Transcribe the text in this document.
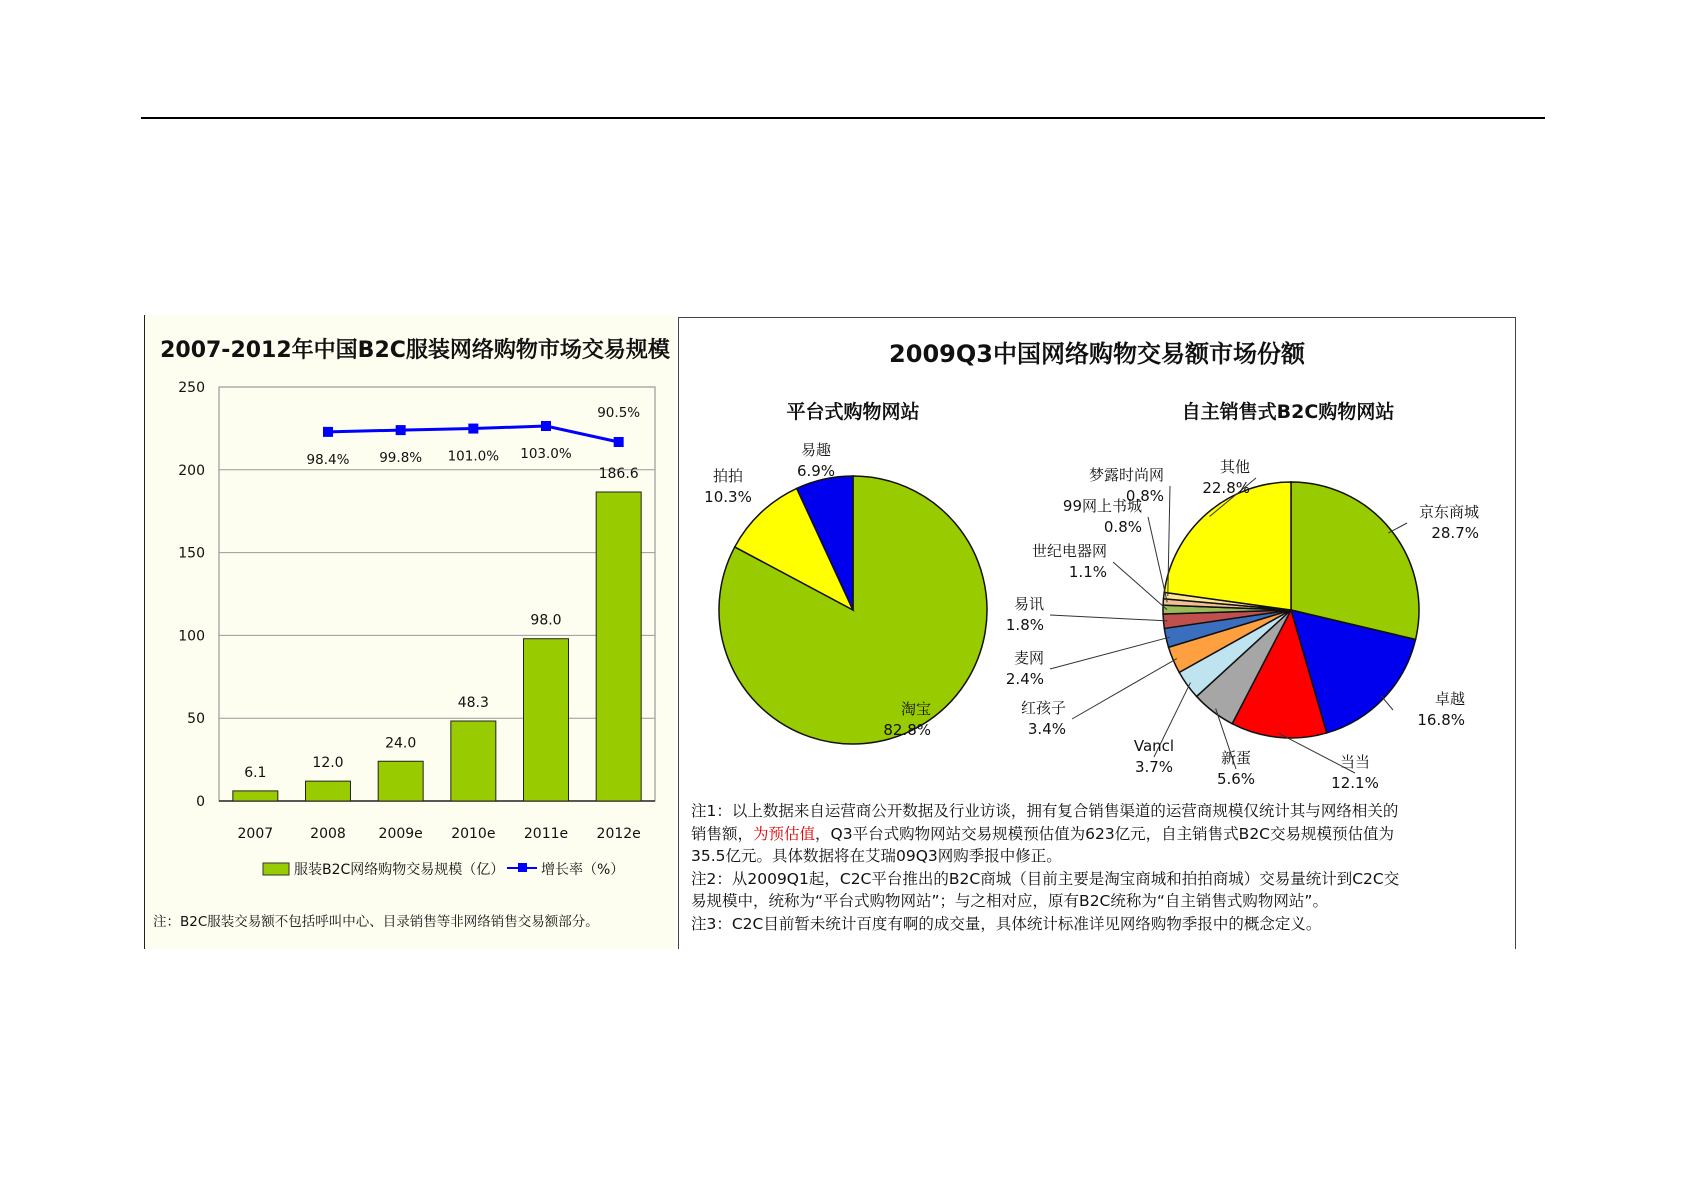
2007-2012年中国B2C服装网络购物市场交易规模
0
50
100
150
200
250
6.1
12.0
24.0
48.3
98.0
186.6
2007	2008 2009e 2010e 2011e 2012e
98.4% 99.8% 101.0% 103.0%
90.5%
服装B2C网络购物交易规模（亿）	增长率（%）
注：B2C服装交易额不包括呼叫中心、目录销售等非网络销售交易额部分。
2009Q3中国网络购物交易额市场份额
平台式购物网站	自主销售式B2C购物网站
淘宝
82.8%
拍拍
10.3%
易趣
6.9%
京东商城
28.7%
卓越
16.8%
当当
12.1%
新蛋
5.6%
Vancl
3.7%
红孩子
3.4%
麦网
2.4%
易讯
1.8%
世纪电器网
1.1%
99网上书城
0.8%
梦露时尚网
0.8%
其他
22.8%

注1：以上数据来自运营商公开数据及行业访谈，拥有复合销售渠道的运营商规模仅统计其与网络相关的

销售额，为预估值，Q3平台式购物网站交易规模预估值为623亿元，自主销售式B2C交易规模预估值为

35.5亿元。具体数据将在艾瑞09Q3网购季报中修正。

注2：从2009Q1起，C2C平台推出的B2C商城（目前主要是淘宝商城和拍拍商城）交易量统计到C2C交

易规模中，统称为“平台式购物网站”；与之相对应，原有B2C统称为“自主销售式购物网站”。

注3：C2C目前暂未统计百度有啊的成交量，具体统计标准详见网络购物季报中的概念定义。
